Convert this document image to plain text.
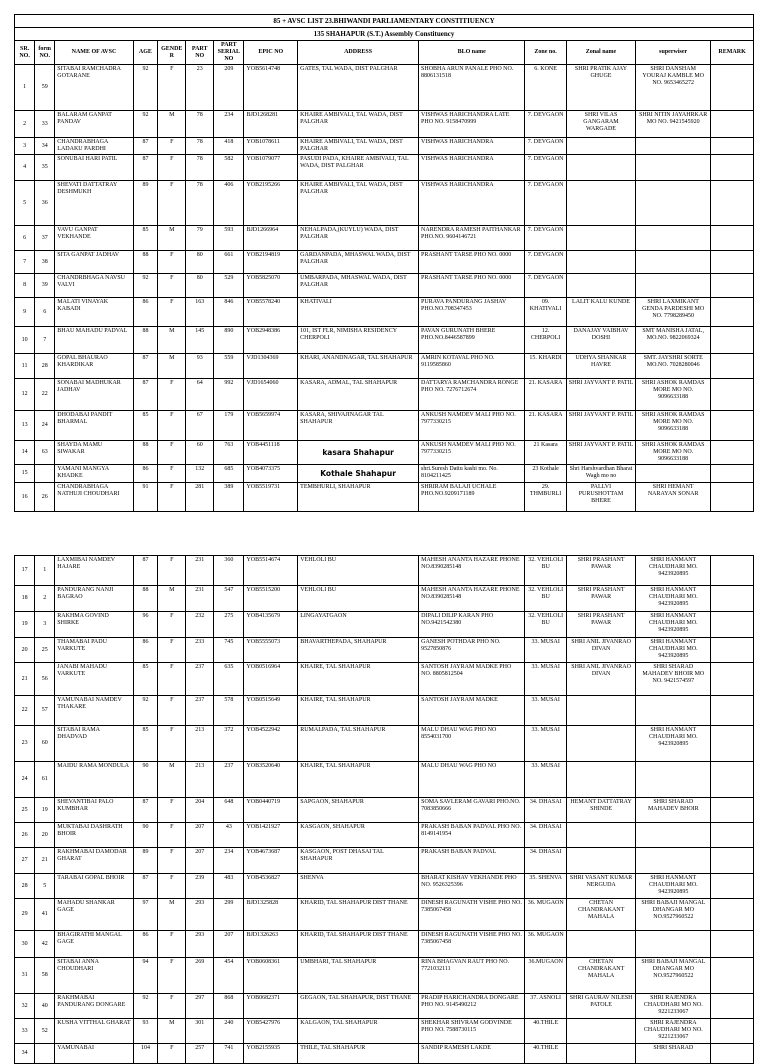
85 + AVSC LIST 23.BHIWANDI PARLIAMENTARY CONSTITIUENCY													
135 SHAHAPUR (S.T.) Assembly Constituency													
SR. NO.	form NO.	NAME OF AVSC	AGE	GENDER	PART NO	PART SERIAL NO	EPIC NO	ADDRESS	BLO name	Zone no.	Zonal name	superwiser	REMARK
1	59	SITABAI RAMCHADRA GOTARANE	92	F	23	209	YOB5614748	GATES, TAL WADA, DIST PALGHAR	SHOBHA ARUN PANALE PHO NO. 8806131518	6. KONE	SHRI PRATIK AJAY GHUGE	SHRI DANSHAM YOURAJ KAMBLE MO NO. 9653465272	
2	33	BALARAM GANPAT PANDAV	92	M	78	234	BJD1268281	KHAIRE AMBIVALI, TAL WADA, DIST PALGHAR	VISHWAS HARICHANDRA LATE PHO NO. 9158470999	7. DEVGAON	SHRI VILAS GANGARAM WARGADE	SHRI NITIN JAYAHRKAR MO NO. 9421545920	
3	34	CHANDRABHAGA LADAKU PARDHI	87	F	78	418	YOB1078611	KHAIRE AMBIVALI, TAL WADA, DIST PALGHAR	VISHWAS HARICHANDRA	7. DEVGAON			
4	35	SONUBAI HARI PATIL	87	F	78	582	YOB1079077	PASUDI PADA, KHAIRE AMBIVALI, TAL WADA, DIST PALGHAR	VISHWAS HARICHANDRA	7. DEVGAON			
5	36	SHEVATI DATTATRAY DESHMUKH	89	F	78	406	YOB2195266	KHAIRE AMBIVALI, TAL WADA, DIST PALGHAR	VISHWAS HARICHANDRA	7. DEVGAON			
6	37	VAVU GANPAT VEKHANDE	85	M	79	593	BJD1266964	NEHALPADA,(KUYLU) WADA, DIST PALGHAR	NARENDRA RAMESH PAITHANKAR PHO.NO. 9604146721	7. DEVGAON			
7	38	SITA GANPAT JADHAV	88	F	80	661	YOB2194819	GARDANPADA, MHASWAL WADA, DIST PALGHAR	PRASHANT TARSE PHO NO. 0000	7. DEVGAON			
8	39	CHANDRBHAGA NAVSU VALVI	92	F	80	529	YOB5825070	UMBARPADA, MHASWAL WADA, DIST PALGHAR	PRASHANT TARSE PHO NO. 0000	7. DEVGAON			
9	6	MALATI VINAYAK KABADI	86	F	163	846	YOB5578240	KHATIVALI	PURAVA PANDURANG JASHAV PHO.NO.708347453	09. KHATIVALI	LALIT KALU KUNDE	SHRI LAXMIKANT GENDA PARDESHI MO NO. 7798289450	
10	7	BHAU MAHADU PADVAL	88	M	145	890	YOB2948386	101, IST FLR, NIMISHA RESIDENCY CHERPOLI	PAVAN GURUNATH BHERE PHO.NO.8446587899	12. CHERPOLI	DANAJAY VAIBHAV DOSHI	SMT MANISHA JATAL, MO.NO. 9822069324	
11	28	GOPAL BHAURAO KHARDIKAR	87	M	93	559	VJD1304369	KHARI, ANANDNAGAR, TAL SHAHAPUR	AMRIN KOTAVAL PHO NO. 9119585860	15. KHARDI	UDHYA SHANKAR HAVRE	SMT. JAYSHRI SORTE MO.NO. 7028280046	
12	22	SONABAI MADHUKAR JADHAV	87	F	64	992	VJD1654060	KASARA, ADMAL, TAL SHAHAPUR	DATTARYA RAMCHANDRA RONGE PHO NO. 7276712674	21. KASARA	SHRI JAYVANT P. PATIL	SHRI ASHOK RAMDAS MORE MO NO. 9096633188	
13	24	DHODABAI PANDIT BHARMAL	85	F	67	179	YOB5659974	KASARA, SHIVAJINAGAR TAL SHAHAPUR	ANKUSH NAMDEV MALI PHO NO. 7977330215	21. KASARA	SHRI JAYVANT P. PATIL	SHRI ASHOK RAMDAS MORE MO NO. 9096633188	
14	63	SHAYDA MAMU SIWAKAR	88	F	60	763	YOB4451118	kasara Shahapur	ANKUSH NAMDEV MALI PHO NO. 7977330215	21 Kasara	SHRI JAYVANT P. PATIL	SHRI ASHOK RAMDAS MORE MO NO. 9096633188	
15		YAMANI MANGYA KHADKE	86	F	132	685	YOB4073375	Kothale Shahapur	shri.Suresh Dattu kashi mo. No. 8104211425	23 Kothale	Shri Harshvardhan Bharat Wagh mo no		
16	26	CHANDRABHAGA NATHUJI CHOUDHARI	91	F	281	389	YOB5519731	TEMBHURLI, SHAHAPUR	SHRIRAM BALAJI UCHALE PHO.NO.9209171189	29. THMBURLI	PALLVI PURUSHOTTAM BHERE	SHRI HEMANT NARAYAN SONAR	
17	1	LAXMIBAI NAMDEV HAJARE	87	F	231	360	YOB5514674	VEHLOLI BU	MAHESH ANANTA HAZARE PHONE NO.8390285148	32. VEHLOLI BU	SHRI PRASHANT PAWAR	SHRI HANMANT CHAUDHARI MO. 9423920895	
18	2	PANDURANG NANJI BAGRAO	88	M	231	547	YOB5515200	VEHLOLI BU	MAHESH ANANTA HAZARE PHONE NO.8390285148	32. VEHLOLI BU	SHRI PRASHANT PAWAR	SHRI HANMANT CHAUDHARI MO. 9423920895	
19	3	RAKHMA GOVIND SHIRKE	96	F	232	275	YOB4135679	LINGAYATGAON	DIPALI DILIP KARAN PHO NO.9421542380	32. VEHLOLI BU	SHRI PRASHANT PAWAR	SHRI HANMANT CHAUDHARI MO. 9423920895	
20	25	THAMABAI PADU VARKUTE	86	F	233	745	YOB5555073	BHAVARTHEPADA, SHAHAPUR	GANESH POTHDAR PHO NO. 9527850876	33. MUSAI	SHRI ANIL JIVANRAO DIVAN	SHRI HANMANT CHAUDHARI MO. 9423920895	
21	56	JANABI MAHADU VARKUTE	85	F	237	635	YOB0516964	KHAIRE, TAL SHAHAPUR	SANTOSH JAYRAM MADKE PHO NO. 8805812504	33. MUSAI	SHRI ANIL JIVANRAO DIVAN	SHRI SHARAD MAHADEV BHOIR MO NO. 9421574597	
22	57	YAMUNABAI NAMDEV THAKARE	92	F	237	578	YOB0515649	KHAIRE, TAL SHAHAPUR	SANTOSH JAYRAM MADKE	33. MUSAI			
23	60	SITABAI RAMA DHADVAD	85	F	213	372	YOB4522942	RUMALPADA, TAL SHAHAPUR	MALU DHAU WAG PHO NO 8554031700	33. MUSAI		SHRI HANMANT CHAUDHARI MO. 9423920895	
24	61	MAIDU RAMA MONDULA	90	M	213	237	YOB3520640	KHAIRE, TAL SHAHAPUR	MALU DHAU WAG PHO NO	33. MUSAI			
25	19	SHEVANTIBAI PALO KUMBHAR	87	F	204	648	YOB0440719	SAPGAON, SHAHAPUR	SOMA SAVLERAM GAVARI PHO.NO. 7083850666	34. DHASAI	HEMANT DATTATRAY SHINDE	SHRI SHARAD MAHADEV BHOIR	
26	20	MUKTABAI DASHRATH BHOIR	90	F	207	43	YOB1421927	KASGAON, SHAHAPUR	PRAKASH BABAN PADVAL PHO NO. 8149141954	34. DHASAI			
27	21	RAKHMABAI DAMODAR GHARAT	89	F	207	234	YOB4673687	KASGAON, POST DHASAI TAL SHAHAPUR	PRAKASH BABAN PADVAL	34. DHASAI			
28	5	TARABAI GOPAL BHOIR	87	F	239	483	YOB4536827	SHENVA	BHARAT KISHAV VEKHANDE PHO NO. 9526325396	35. SHENVA	SHRI VASANT KUMAR NERGUDA	SHRI HANMANT CHAUDHARI MO. 9423920895	
29	41	MAHADU SHANKAR GAGE	97	M	293	299	BJD1325828	KHARID, TAL SHAHAPUR DIST THANE	DINESH RAGUNATH VISHE PHO NO. 7385067458	36. MUGAON	CHETAN CHANDRAKANT MAHALA	SHRI BABAJI MANGAL DHANGAR MO NO.9527960522	
30	42	BHAGIRATHI MANGAL GAGE	86	F	293	207	BJD1326263	KHARID, TAL SHAHAPUR DIST THANE	DINESH RAGUNATH VISHE PHO NO. 7385067458	36. MUGAON			
31	58	SITABAI ANNA CHOUDHARI	94	F	269	454	YOB0608361	UMBHARI, TAL SHAHAPUR	RINA BHAGVAN RAUT PHO NO. 7721032111	36.MUGAON	CHETAN CHANDRAKANT MAHALA	SHRI BABAJI MANGAL DHANGAR MO NO.9527960522	
32	40	RAKHMABAI PANDURANG DONGARE	92	F	297	868	YOB0682371	GEGAON, TAL SHAHAPUR, DIST THANE	PRADIP HARICHANDRA DONGARE PHO NO. 9145490212	37. ASNOLI	SHRI GAURAV NILESH PATOLE	SHRI RAJENDRA CHAUDHARI MO NO. 9221233067	
33	52	KUSHA VITTHAL GHARAT	93	M	301	240	YOB5427976	KALGAON, TAL SHAHAPUR	SHEKHAR SHIVRAM GODVINDE PHO NO. 7588730115	40.THILE		SHRI RAJENDRA CHAUDHARI MO NO. 9221233067	
34		YAMUNABAI	104	F	257	741	YOB2155935	THILE, TAL SHAHAPUR	SANDIP RAMESH LAKDE	40.THILE		SHRI SHARAD	
